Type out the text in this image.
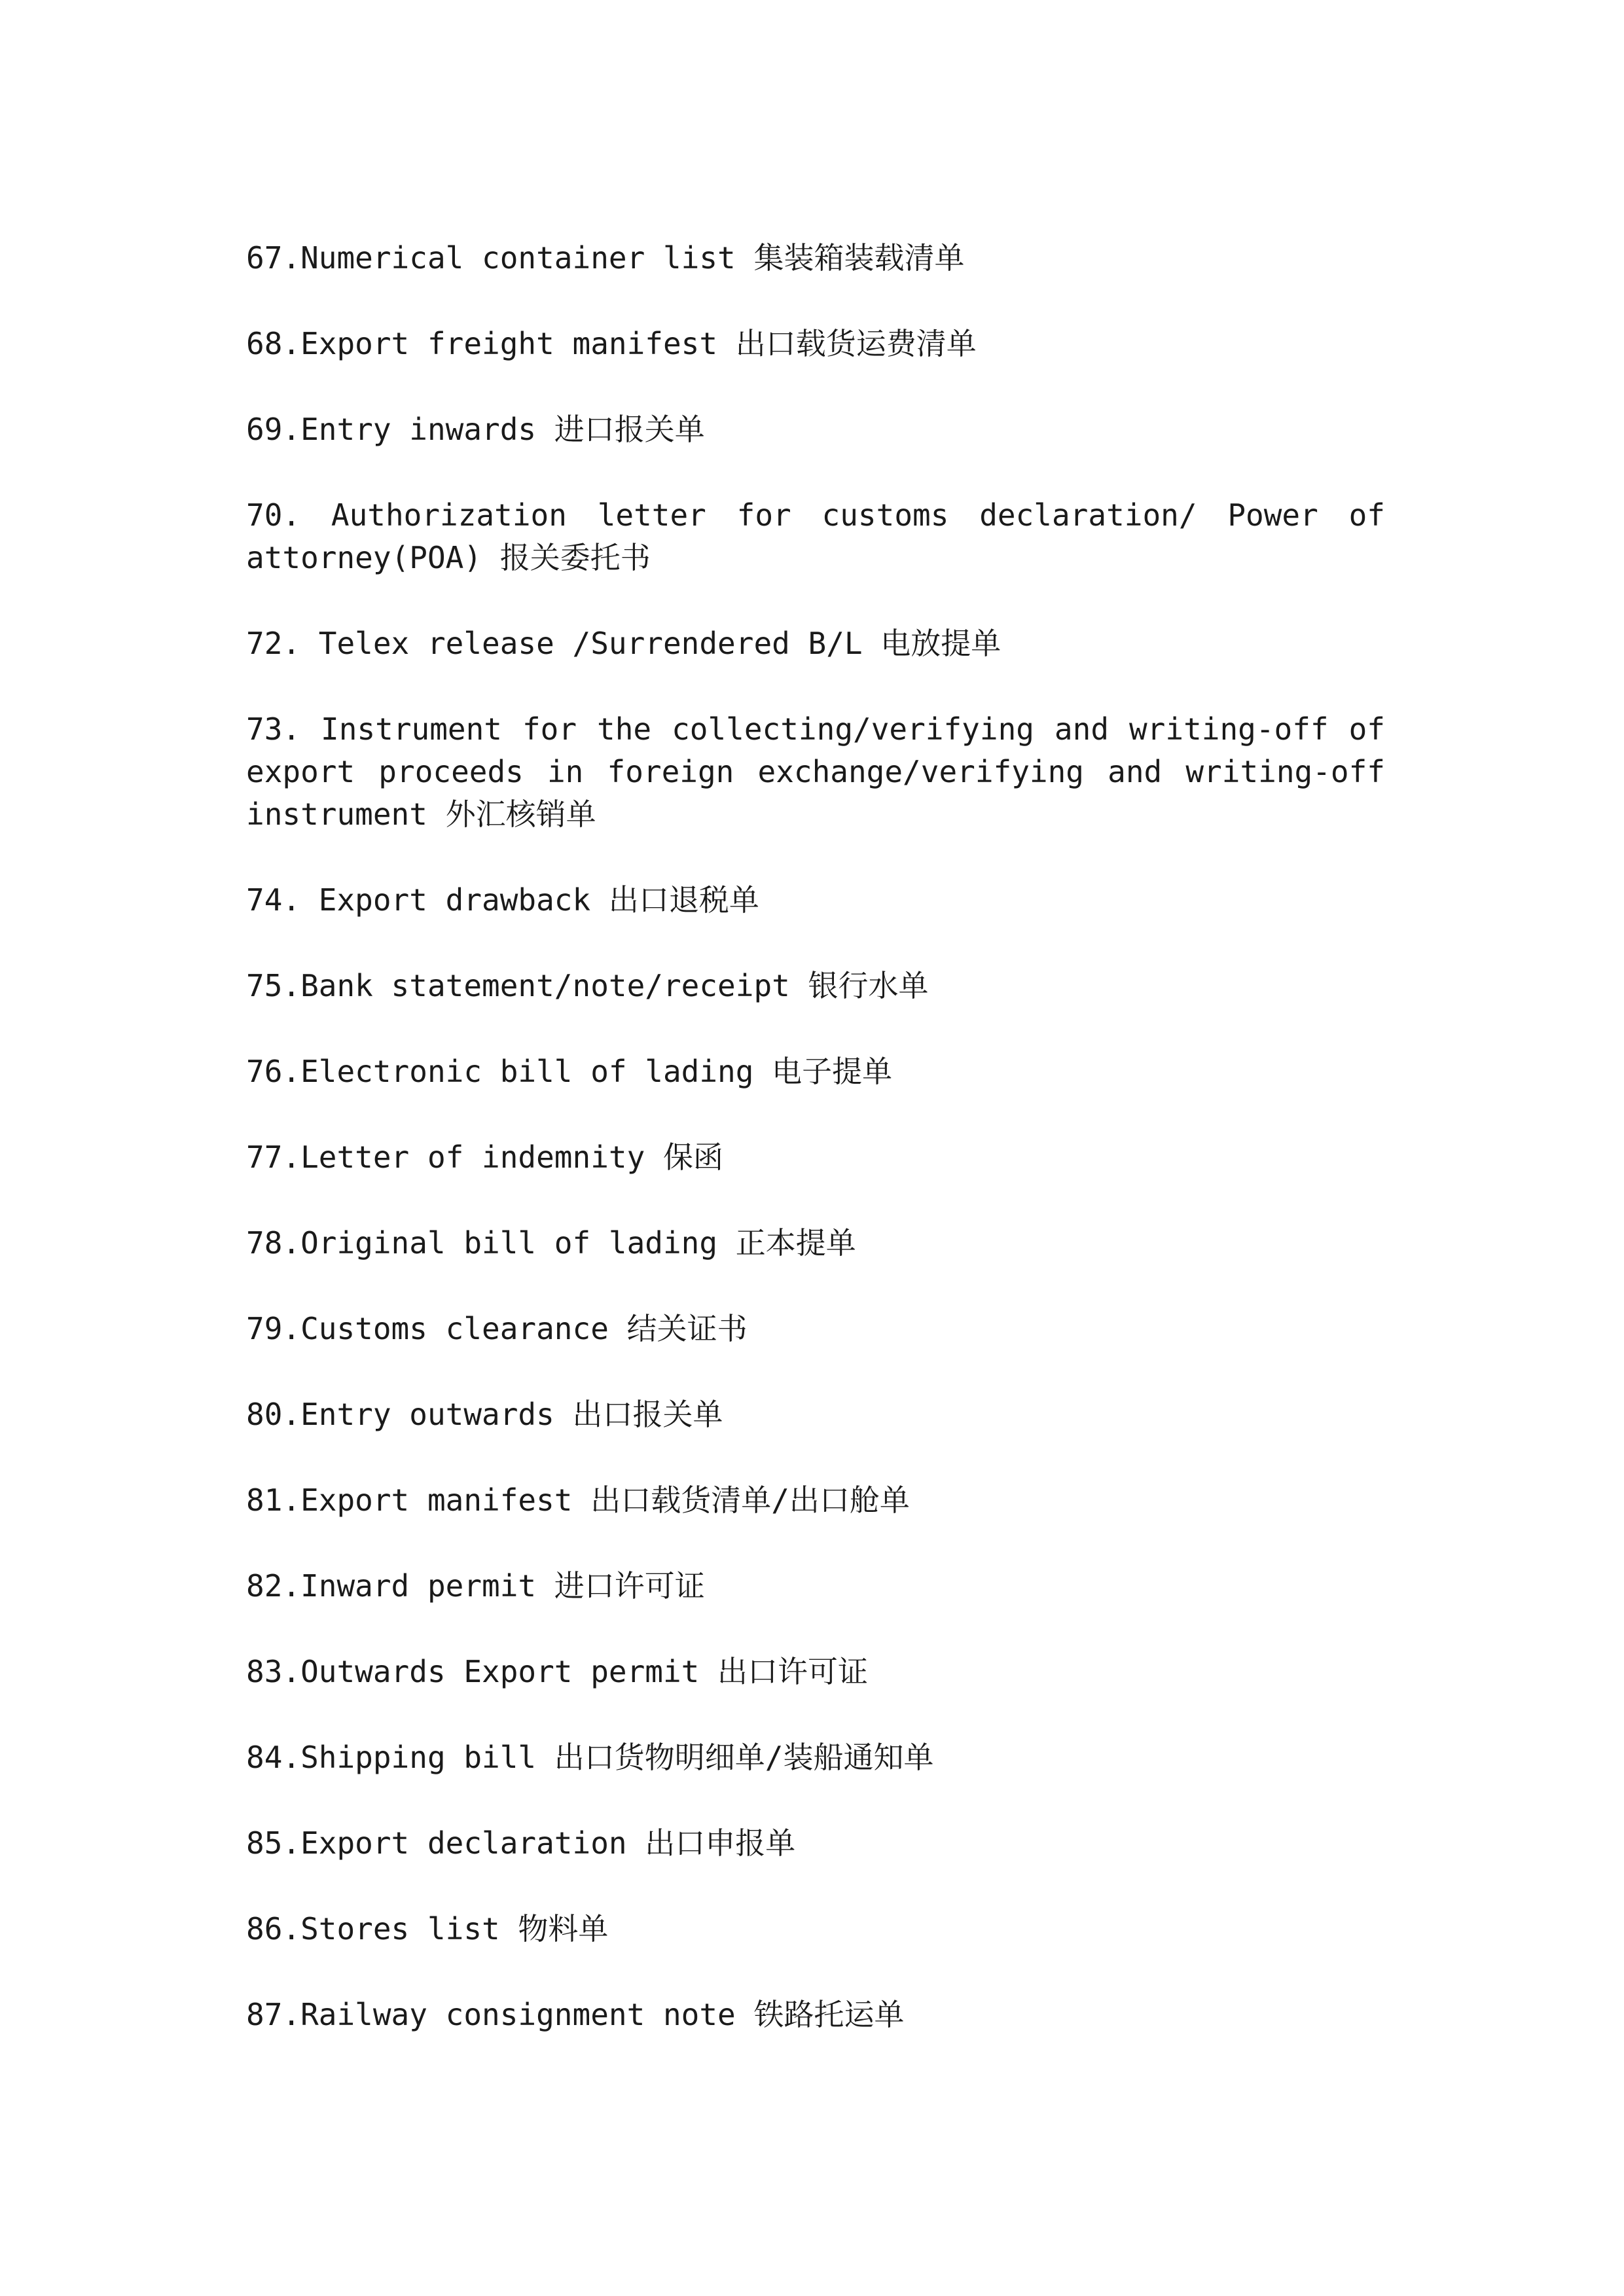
67.Numerical container list 集装箱装载清单

68.Export freight manifest 出口载货运费清单

69.Entry inwards 进口报关单

70. Authorization letter for customs declaration/ Power of attorney(POA) 报关委托书

72. Telex release /Surrendered B/L 电放提单

73. Instrument for the collecting/verifying and writing-off of export proceeds in foreign exchange/verifying and writing-off instrument 外汇核销单

74. Export drawback 出口退税单

75.Bank statement/note/receipt 银行水单

76.Electronic bill of lading 电子提单

77.Letter of indemnity 保函

78.Original bill of lading 正本提单

79.Customs clearance 结关证书

80.Entry outwards 出口报关单

81.Export manifest 出口载货清单/出口舱单

82.Inward permit 进口许可证

83.Outwards Export permit 出口许可证

84.Shipping bill 出口货物明细单/装船通知单

85.Export declaration 出口申报单

86.Stores list 物料单

87.Railway consignment note 铁路托运单
